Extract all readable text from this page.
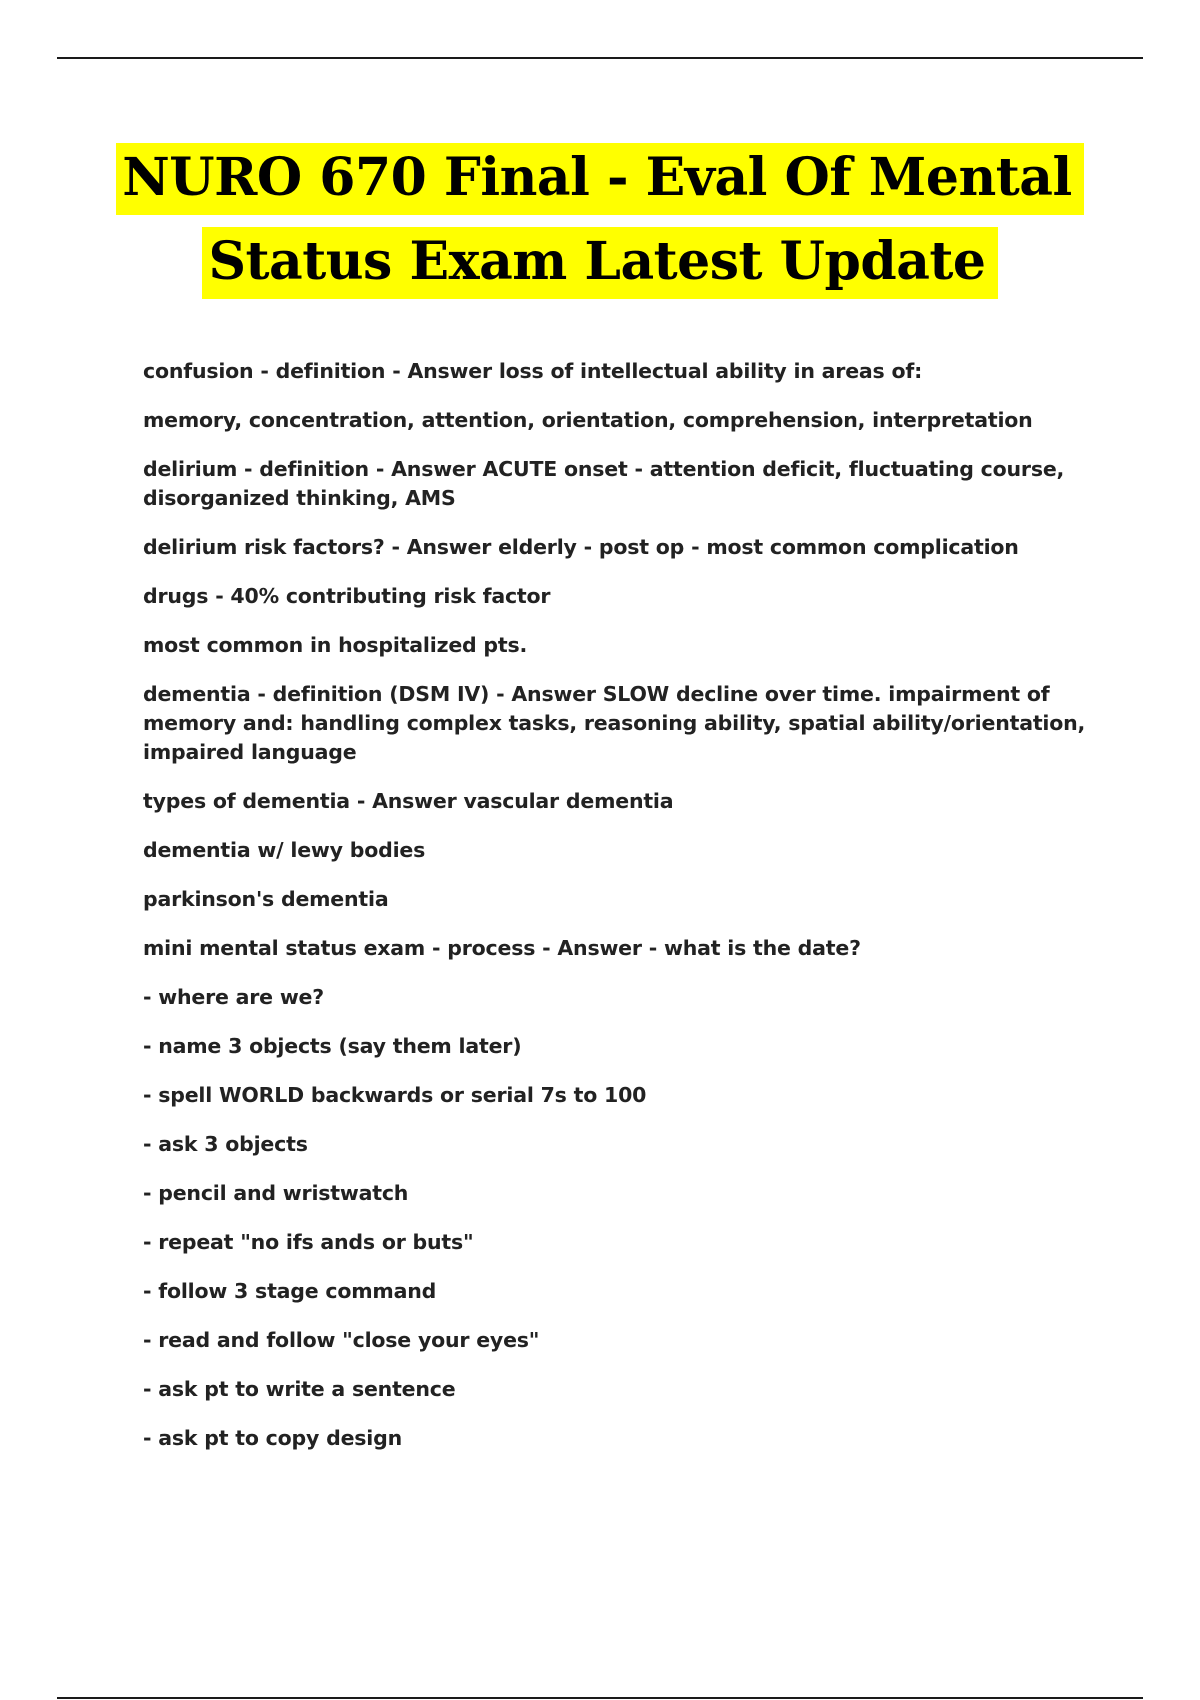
NURO 670 Final - Eval Of Mental
Status Exam Latest Update

confusion - definition - Answer loss of intellectual ability in areas of:

memory, concentration, attention, orientation, comprehension, interpretation

delirium - definition - Answer ACUTE onset - attention deficit, fluctuating course, disorganized thinking, AMS

delirium risk factors? - Answer elderly - post op - most common complication

drugs - 40% contributing risk factor

most common in hospitalized pts.

dementia - definition (DSM IV) - Answer SLOW decline over time. impairment of memory and: handling complex tasks, reasoning ability, spatial ability/orientation, impaired language

types of dementia - Answer vascular dementia

dementia w/ lewy bodies

parkinson's dementia

mini mental status exam - process - Answer - what is the date?

- where are we?

- name 3 objects (say them later)

- spell WORLD backwards or serial 7s to 100

- ask 3 objects

- pencil and wristwatch

- repeat "no ifs ands or buts"

- follow 3 stage command

- read and follow "close your eyes"

- ask pt to write a sentence

- ask pt to copy design
